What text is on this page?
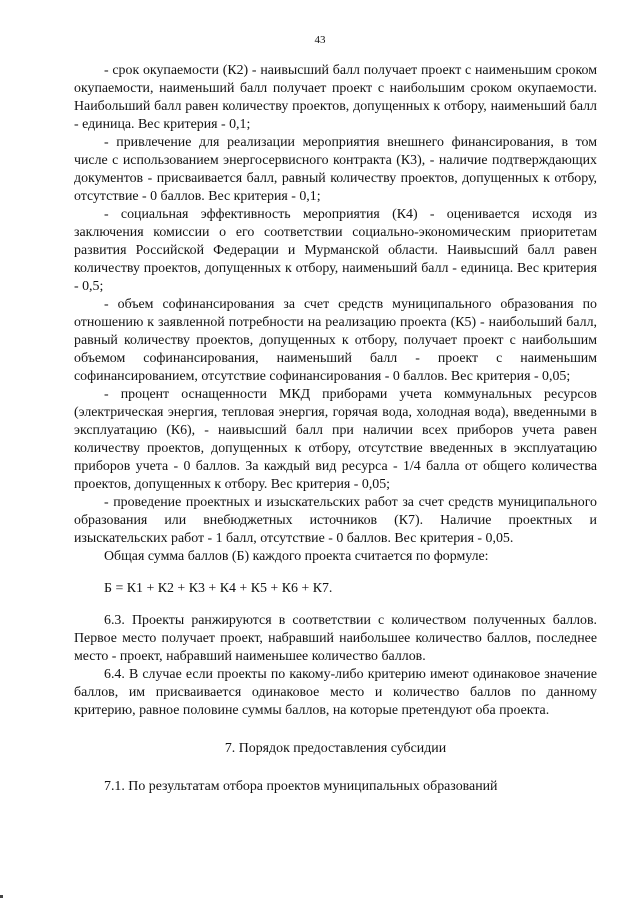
43

- срок окупаемости (К2) - наивысший балл получает проект с наименьшим сроком окупаемости, наименьший балл получает проект с наибольшим сроком окупаемости. Наибольший балл равен количеству проектов, допущенных к отбору, наименьший балл - единица. Вес критерия - 0,1;

- привлечение для реализации мероприятия внешнего финансирования, в том числе с использованием энергосервисного контракта (К3), - наличие подтверждающих документов - присваивается балл, равный количеству проектов, допущенных к отбору, отсутствие - 0 баллов. Вес критерия - 0,1;

- социальная эффективность мероприятия (К4) - оценивается исходя из заключения комиссии о его соответствии социально-экономическим приоритетам развития Российской Федерации и Мурманской области. Наивысший балл равен количеству проектов, допущенных к отбору, наименьший балл - единица. Вес критерия - 0,5;

- объем софинансирования за счет средств муниципального образования по отношению к заявленной потребности на реализацию проекта (К5) - наибольший балл, равный количеству проектов, допущенных к отбору, получает проект с наибольшим объемом софинансирования, наименьший балл - проект с наименьшим софинансированием, отсутствие софинансирования - 0 баллов. Вес критерия - 0,05;

- процент оснащенности МКД приборами учета коммунальных ресурсов (электрическая энергия, тепловая энергия, горячая вода, холодная вода), введенными в эксплуатацию (К6), - наивысший балл при наличии всех приборов учета равен количеству проектов, допущенных к отбору, отсутствие введенных в эксплуатацию приборов учета - 0 баллов. За каждый вид ресурса - 1/4 балла от общего количества проектов, допущенных к отбору. Вес критерия - 0,05;

- проведение проектных и изыскательских работ за счет средств муниципального образования или внебюджетных источников (К7). Наличие проектных и изыскательских работ - 1 балл, отсутствие - 0 баллов. Вес критерия - 0,05.

Общая сумма баллов (Б) каждого проекта считается по формуле:

Б = К1 + К2 + К3 + К4 + К5 + К6 + К7.

6.3. Проекты ранжируются в соответствии с количеством полученных баллов. Первое место получает проект, набравший наибольшее количество баллов, последнее место - проект, набравший наименьшее количество баллов.

6.4. В случае если проекты по какому-либо критерию имеют одинаковое значение баллов, им присваивается одинаковое место и количество баллов по данному критерию, равное половине суммы баллов, на которые претендуют оба проекта.

7. Порядок предоставления субсидии

7.1. По результатам отбора проектов муниципальных образований
